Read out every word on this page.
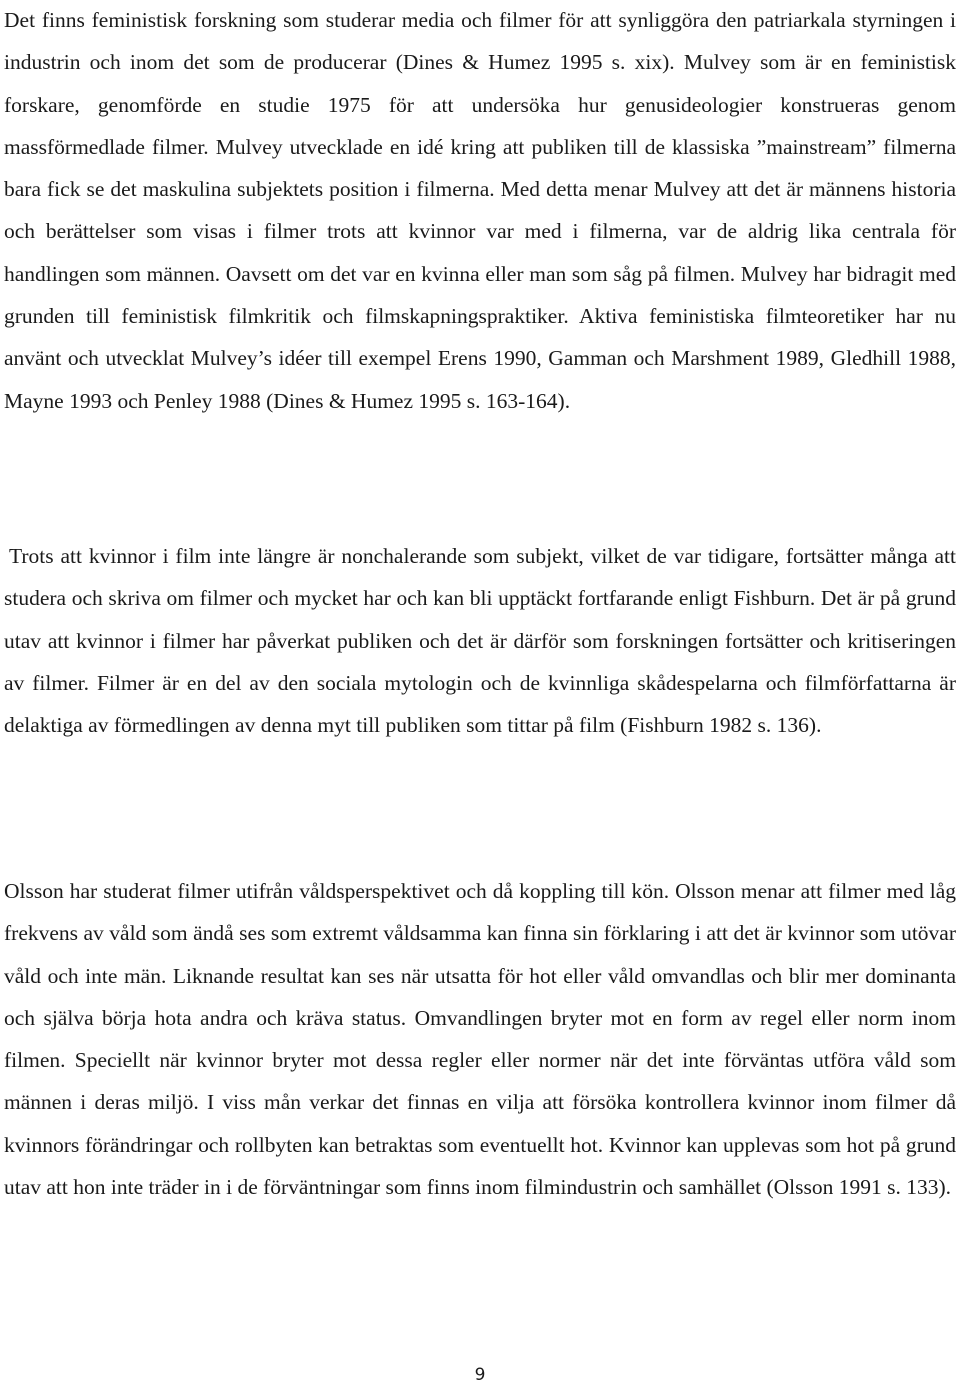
Det finns feministisk forskning som studerar media och filmer för att synliggöra den patriarkala styrningen i industrin och inom det som de producerar (Dines & Humez 1995 s. xix). Mulvey som är en feministisk forskare, genomförde en studie 1975 för att undersöka hur genusideologier konstrueras genom massförmedlade filmer. Mulvey utvecklade en idé kring att publiken till de klassiska ”mainstream” filmerna bara fick se det maskulina subjektets position i filmerna. Med detta menar Mulvey att det är männens historia och berättelser som visas i filmer trots att kvinnor var med i filmerna, var de aldrig lika centrala för handlingen som männen. Oavsett om det var en kvinna eller man som såg på filmen. Mulvey har bidragit med grunden till feministisk filmkritik och filmskapningspraktiker. Aktiva feministiska filmteoretiker har nu använt och utvecklat Mulvey’s idéer till exempel Erens 1990, Gamman och Marshment 1989, Gledhill 1988, Mayne 1993 och Penley 1988 (Dines & Humez 1995 s. 163-164).

Trots att kvinnor i film inte längre är nonchalerande som subjekt, vilket de var tidigare, fortsätter många att studera och skriva om filmer och mycket har och kan bli upptäckt fortfarande enligt Fishburn. Det är på grund utav att kvinnor i filmer har påverkat publiken och det är därför som forskningen fortsätter och kritiseringen av filmer. Filmer är en del av den sociala mytologin och de kvinnliga skådespelarna och filmförfattarna är delaktiga av förmedlingen av denna myt till publiken som tittar på film (Fishburn 1982 s. 136).

Olsson har studerat filmer utifrån våldsperspektivet och då koppling till kön. Olsson menar att filmer med låg frekvens av våld som ändå ses som extremt våldsamma kan finna sin förklaring i att det är kvinnor som utövar våld och inte män. Liknande resultat kan ses när utsatta för hot eller våld omvandlas och blir mer dominanta och själva börja hota andra och kräva status. Omvandlingen bryter mot en form av regel eller norm inom filmen. Speciellt när kvinnor bryter mot dessa regler eller normer när det inte förväntas utföra våld som männen i deras miljö. I viss mån verkar det finnas en vilja att försöka kontrollera kvinnor inom filmer då kvinnors förändringar och rollbyten kan betraktas som eventuellt hot. Kvinnor kan upplevas som hot på grund utav att hon inte träder in i de förväntningar som finns inom filmindustrin och samhället (Olsson 1991 s. 133).

9
